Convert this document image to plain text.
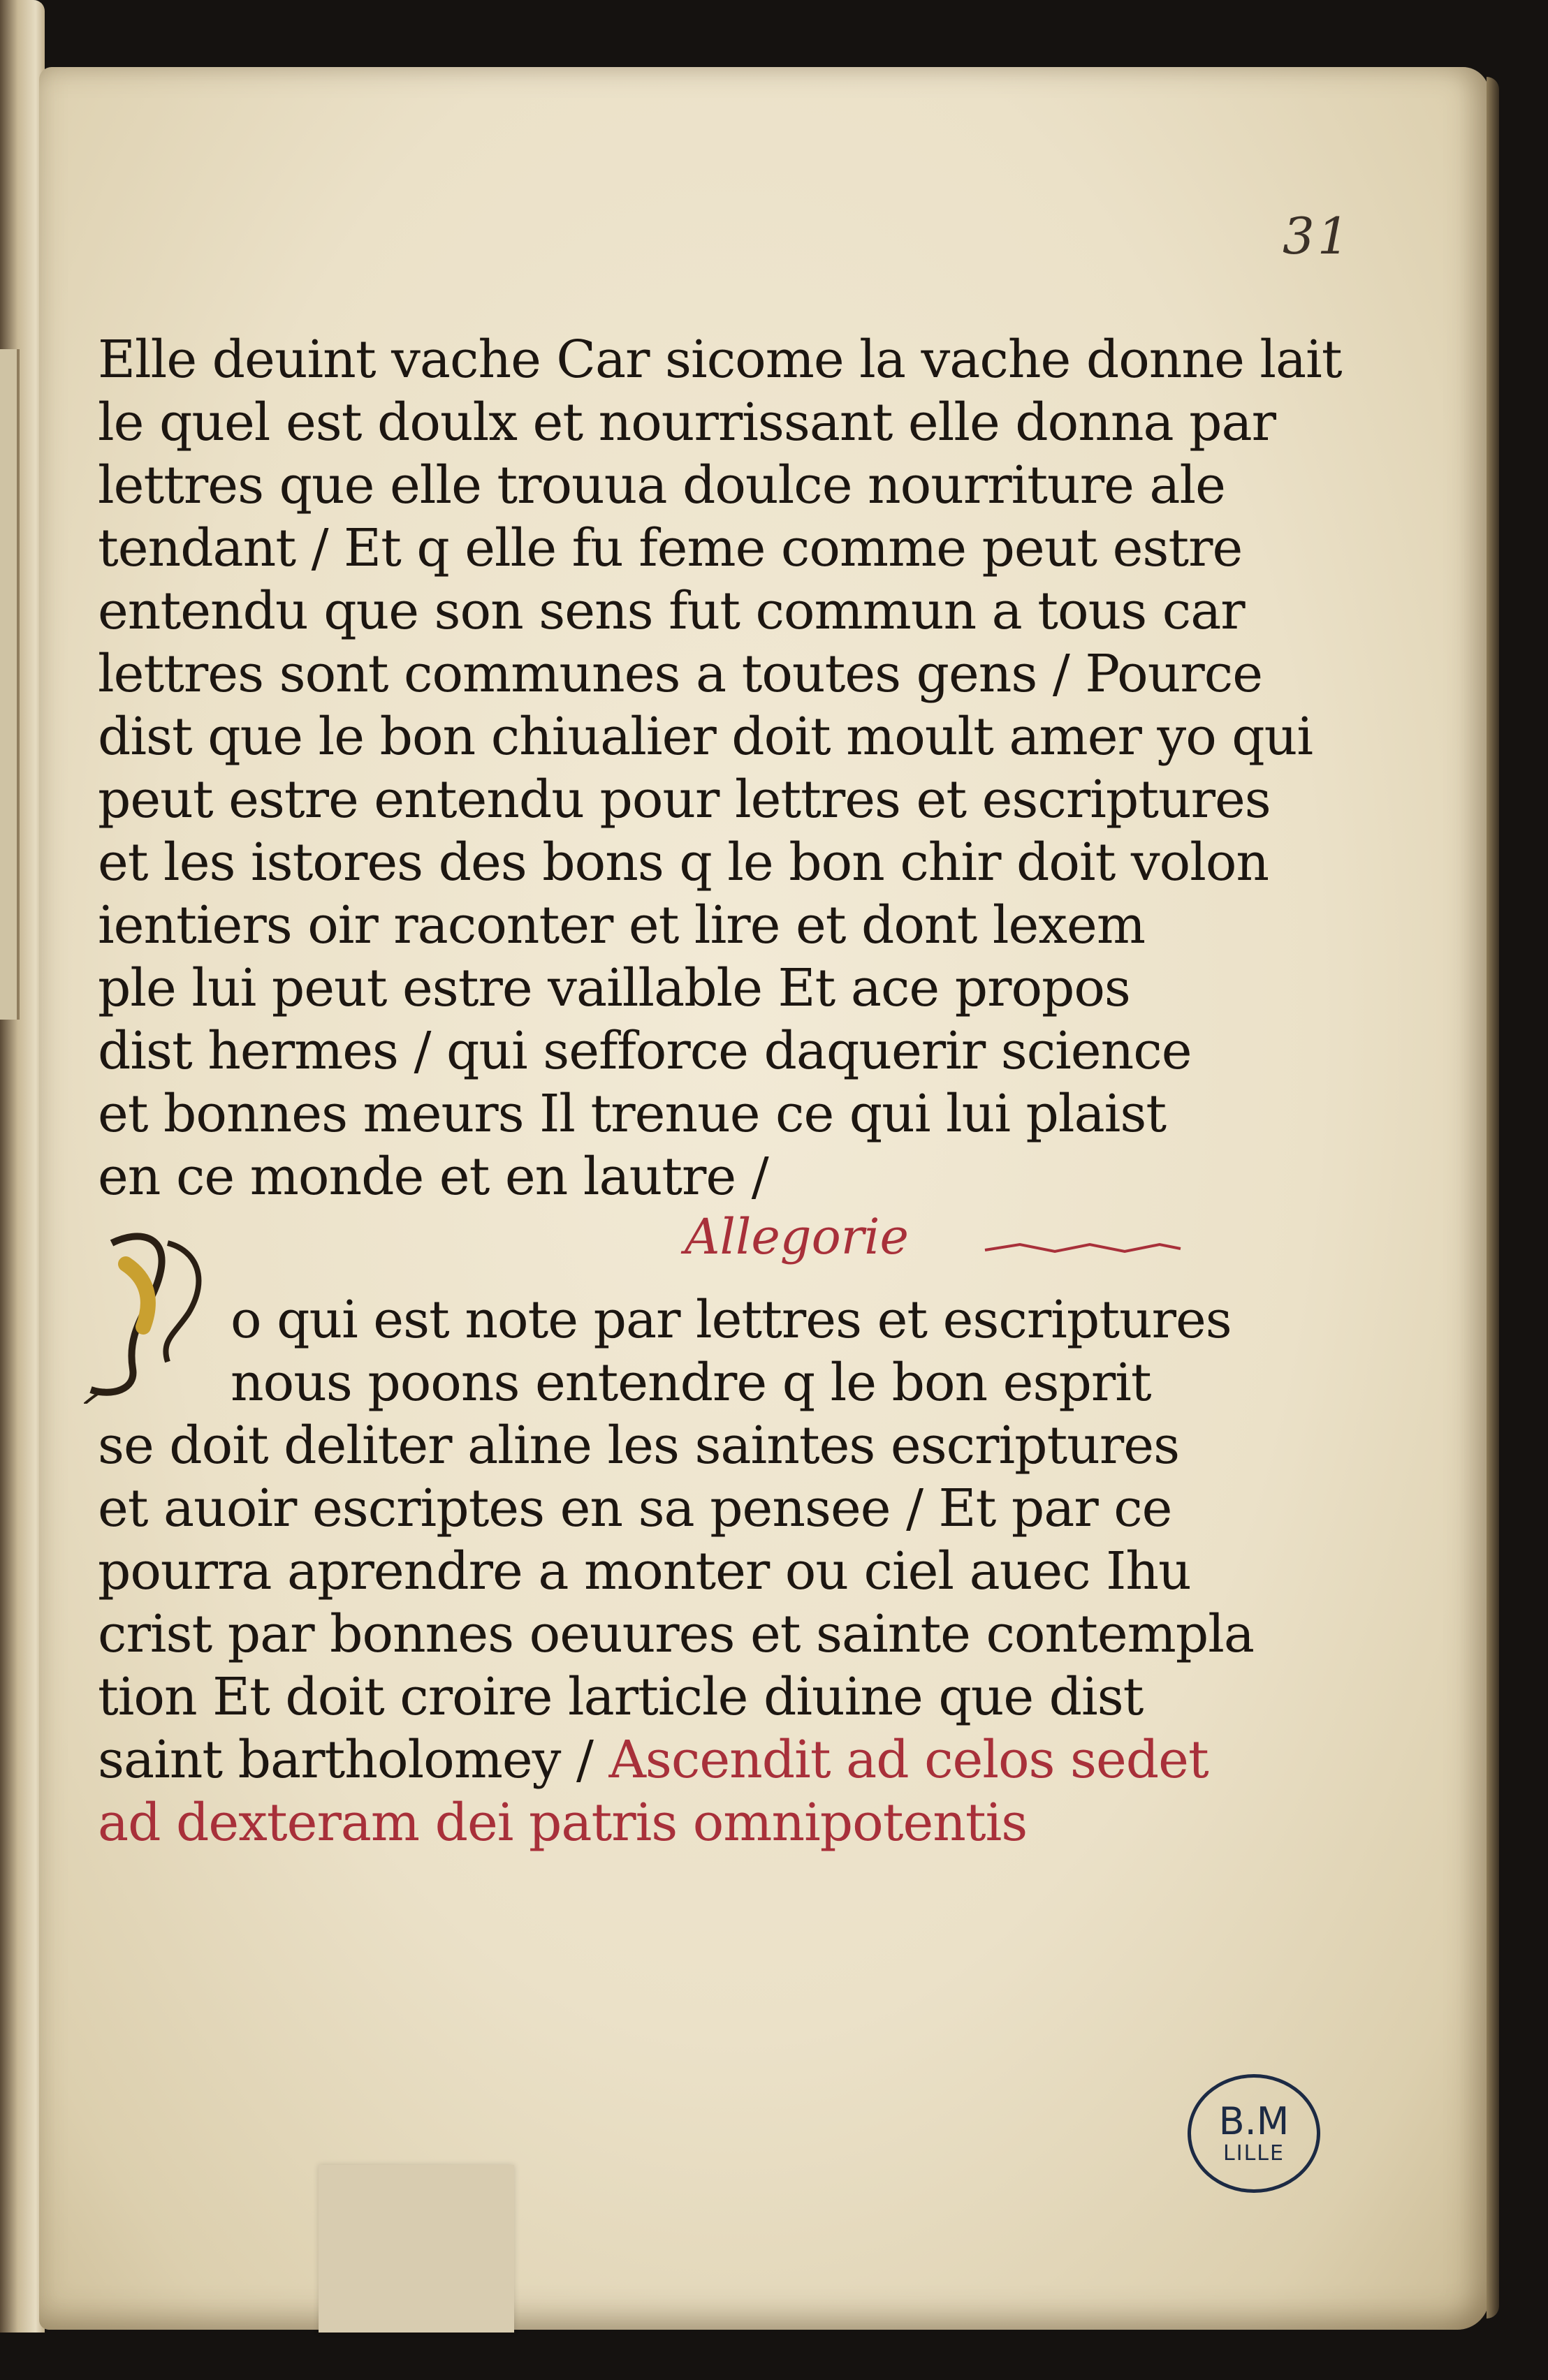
31
Elle deuint vache Car sicome la vache donne lait
le quel est doulx et nourrissant elle donna par
lettres que elle trouua doulce nourriture ale
tendant / Et q elle fu feme comme peut estre
entendu que son sens fut commun a tous car
lettres sont communes a toutes gens / Pource
dist que le bon chiualier doit moult amer yo qui
peut estre entendu pour lettres et escriptures
et les istores des bons q le bon chir doit volon
ientiers oir raconter et lire et dont lexem
ple lui peut estre vaillable Et ace propos
dist hermes / qui sefforce daquerir science
et bonnes meurs Il trenue ce qui lui plaist
en ce monde et en lautre /
Allegorie
o qui est note par lettres et escriptures
nous poons entendre q le bon esprit
se doit deliter aline les saintes escriptures
et auoir escriptes en sa pensee / Et par ce
pourra aprendre a monter ou ciel auec Ihu
crist par bonnes oeuures et sainte contempla
tion Et doit croire larticle diuine que dist
saint bartholomey / Ascendit ad celos sedet
ad dexteram dei patris omnipotentis
B.M
LILLE
